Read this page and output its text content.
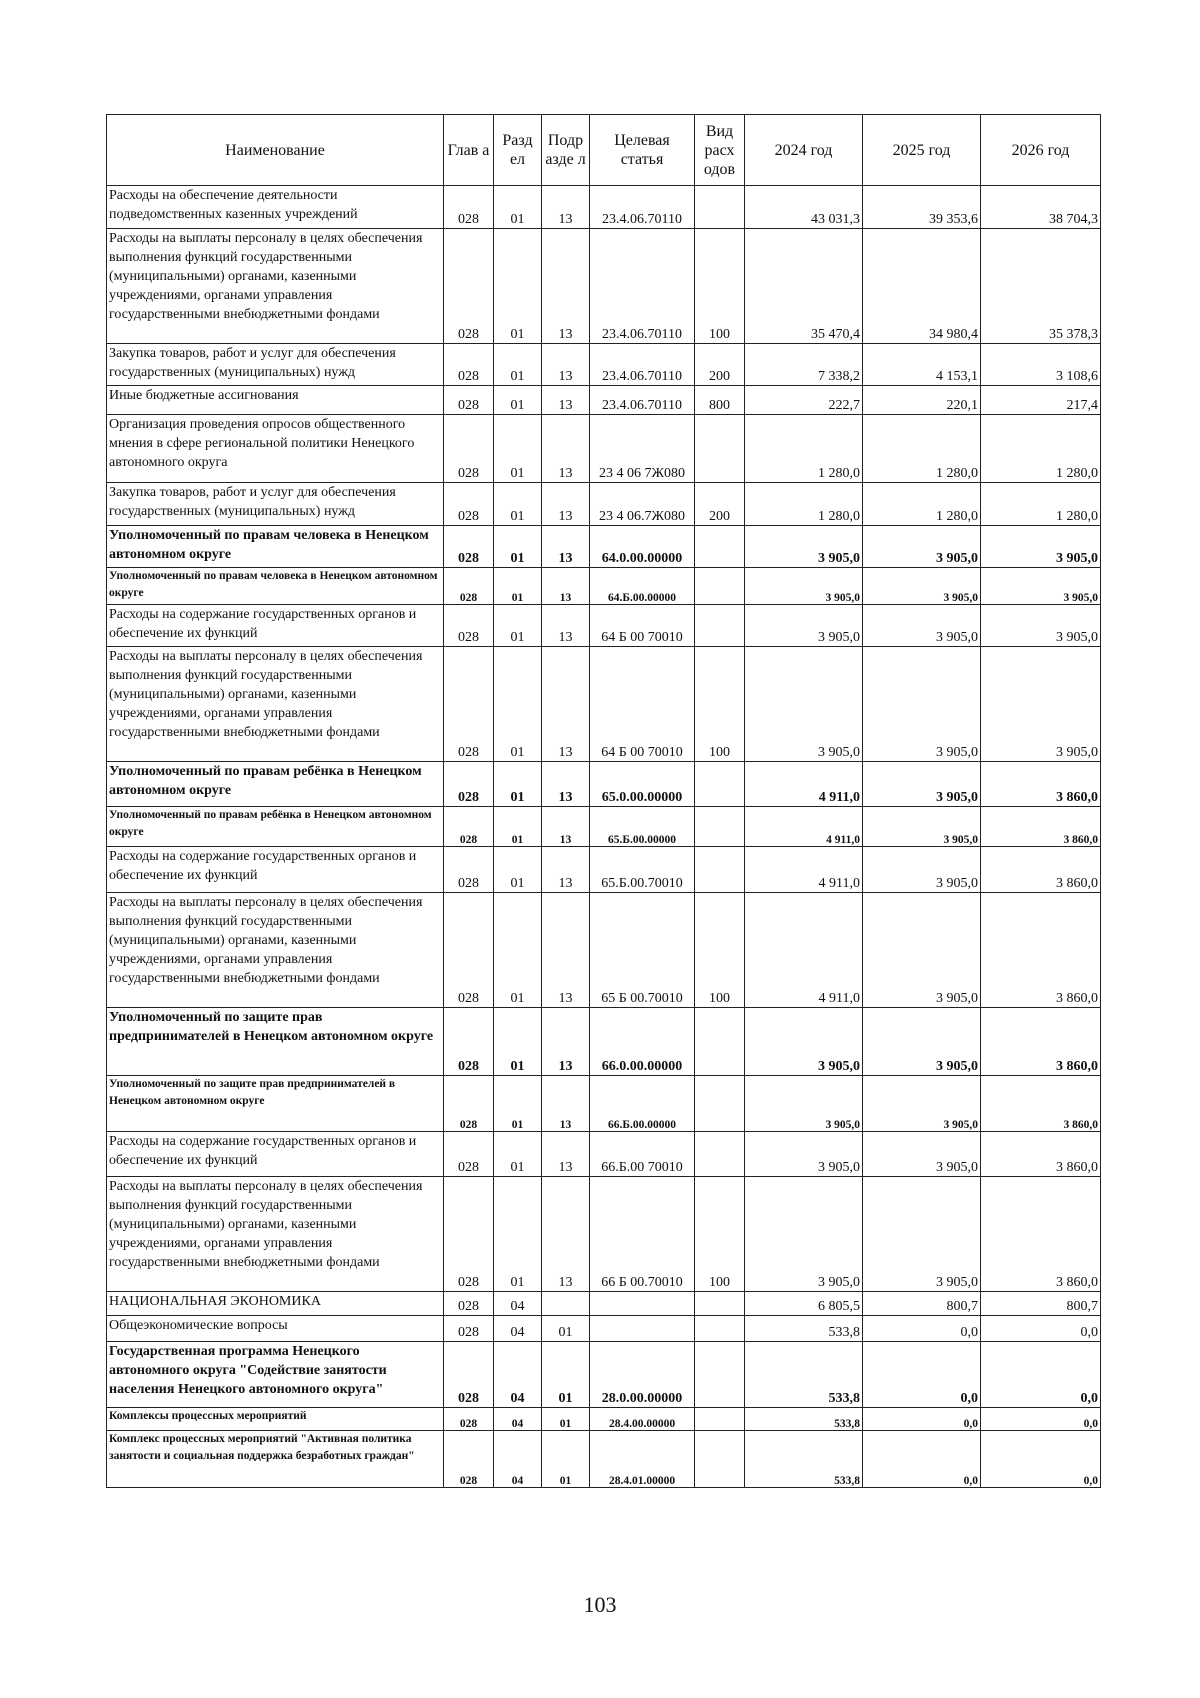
Наименование	Глав а	Разд ел	Подр азде л	Целевая статья	Вид расх одов	2024 год	2025 год	2026 год
Расходы на обеспечение деятельности подведомственных казенных учреждений	028	01	13	23.4.06.70110		43 031,3	39 353,6	38 704,3
Расходы на выплаты персоналу в целях обеспечения выполнения функций государственными (муниципальными) органами, казенными учреждениями, органами управления государственными внебюджетными фондами	028	01	13	23.4.06.70110	100	35 470,4	34 980,4	35 378,3
Закупка товаров, работ и услуг для обеспечения государственных (муниципальных) нужд	028	01	13	23.4.06.70110	200	7 338,2	4 153,1	3 108,6
Иные бюджетные ассигнования	028	01	13	23.4.06.70110	800	222,7	220,1	217,4
Организация проведения опросов общественного мнения в сфере региональной политики Ненецкого автономного округа	028	01	13	23 4 06 7Ж080		1 280,0	1 280,0	1 280,0
Закупка товаров, работ и услуг для обеспечения государственных (муниципальных) нужд	028	01	13	23 4 06.7Ж080	200	1 280,0	1 280,0	1 280,0
Уполномоченный по правам человека в Ненецком автономном округе	028	01	13	64.0.00.00000		3 905,0	3 905,0	3 905,0
Уполномоченный по правам человека в Ненецком автономном округе	028	01	13	64.Б.00.00000		3 905,0	3 905,0	3 905,0
Расходы на содержание государственных органов и обеспечение их функций	028	01	13	64 Б 00 70010		3 905,0	3 905,0	3 905,0
Расходы на выплаты персоналу в целях обеспечения выполнения функций государственными (муниципальными) органами, казенными учреждениями, органами управления государственными внебюджетными фондами	028	01	13	64 Б 00 70010	100	3 905,0	3 905,0	3 905,0
Уполномоченный по правам ребёнка в Ненецком автономном округе	028	01	13	65.0.00.00000		4 911,0	3 905,0	3 860,0
Уполномоченный по правам ребёнка в Ненецком автономном округе	028	01	13	65.Б.00.00000		4 911,0	3 905,0	3 860,0
Расходы на содержание государственных органов и обеспечение их функций	028	01	13	65.Б.00.70010		4 911,0	3 905,0	3 860,0
Расходы на выплаты персоналу в целях обеспечения выполнения функций государственными (муниципальными) органами, казенными учреждениями, органами управления государственными внебюджетными фондами	028	01	13	65 Б 00.70010	100	4 911,0	3 905,0	3 860,0
Уполномоченный по защите прав предпринимателей в Ненецком автономном округе	028	01	13	66.0.00.00000		3 905,0	3 905,0	3 860,0
Уполномоченный по защите прав предпринимателей в Ненецком автономном округе	028	01	13	66.Б.00.00000		3 905,0	3 905,0	3 860,0
Расходы на содержание государственных органов и обеспечение их функций	028	01	13	66.Б.00 70010		3 905,0	3 905,0	3 860,0
Расходы на выплаты персоналу в целях обеспечения выполнения функций государственными (муниципальными) органами, казенными учреждениями, органами управления государственными внебюджетными фондами	028	01	13	66 Б 00.70010	100	3 905,0	3 905,0	3 860,0
НАЦИОНАЛЬНАЯ ЭКОНОМИКА	028	04				6 805,5	800,7	800,7
Общеэкономические вопросы	028	04	01			533,8	0,0	0,0
Государственная программа Ненецкого автономного округа "Содействие занятости населения Ненецкого автономного округа"	028	04	01	28.0.00.00000		533,8	0,0	0,0
Комплексы процессных мероприятий	028	04	01	28.4.00.00000		533,8	0,0	0,0
Комплекс процессных мероприятий "Активная политика занятости и социальная поддержка безработных граждан"	028	04	01	28.4.01.00000		533,8	0,0	0,0
103
